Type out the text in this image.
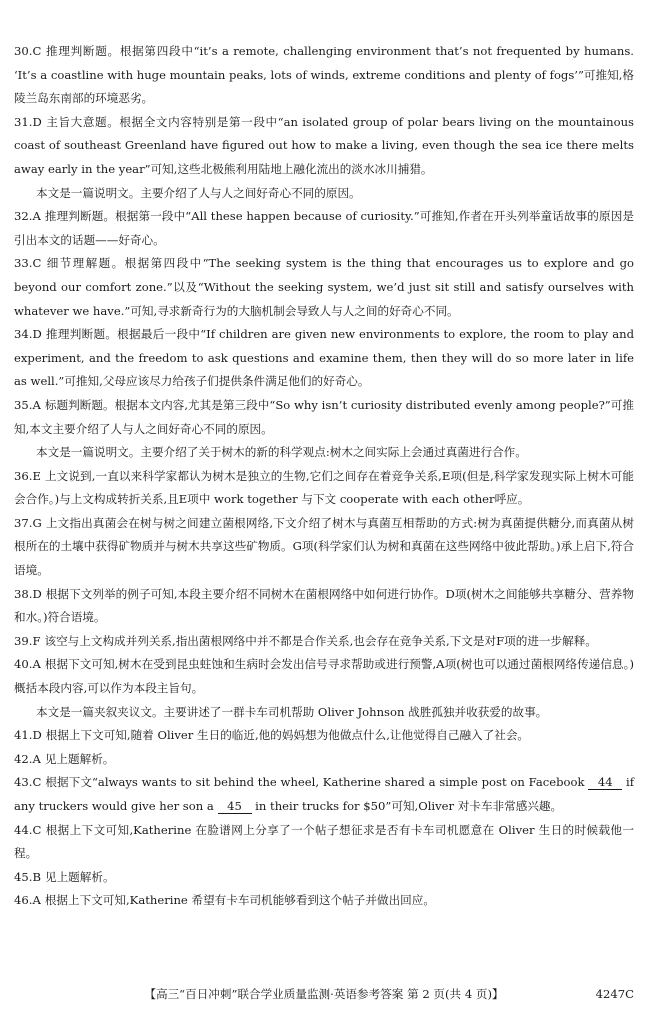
30.C 推理判断题。根据第四段中“it’s a remote, challenging environment that’s not frequented by humans. ‘It’s a coastline with huge mountain peaks, lots of winds, extreme conditions and plenty of fogs’”可推知,格陵兰岛东南部的环境恶劣。

31.D 主旨大意题。根据全文内容特别是第一段中“an isolated group of polar bears living on the mountainous coast of southeast Greenland have figured out how to make a living, even though the sea ice there melts away early in the year”可知,这些北极熊利用陆地上融化流出的淡水冰川捕猎。

本文是一篇说明文。主要介绍了人与人之间好奇心不同的原因。

32.A 推理判断题。根据第一段中“All these happen because of curiosity.”可推知,作者在开头列举童话故事的原因是引出本文的话题——好奇心。

33.C 细节理解题。根据第四段中“The seeking system is the thing that encourages us to explore and go beyond our comfort zone.”以及“Without the seeking system, we’d just sit still and satisfy ourselves with whatever we have.”可知,寻求新奇行为的大脑机制会导致人与人之间的好奇心不同。

34.D 推理判断题。根据最后一段中“If children are given new environments to explore, the room to play and experiment, and the freedom to ask questions and examine them, then they will do so more later in life as well.”可推知,父母应该尽力给孩子们提供条件满足他们的好奇心。

35.A 标题判断题。根据本文内容,尤其是第三段中“So why isn’t curiosity distributed evenly among people?”可推知,本文主要介绍了人与人之间好奇心不同的原因。

本文是一篇说明文。主要介绍了关于树木的新的科学观点:树木之间实际上会通过真菌进行合作。

36.E 上文说到,一直以来科学家都认为树木是独立的生物,它们之间存在着竞争关系,E项(但是,科学家发现实际上树木可能会合作。)与上文构成转折关系,且E项中 work together 与下文 cooperate with each other呼应。

37.G 上文指出真菌会在树与树之间建立菌根网络,下文介绍了树木与真菌互相帮助的方式:树为真菌提供糖分,而真菌从树根所在的土壤中获得矿物质并与树木共享这些矿物质。G项(科学家们认为树和真菌在这些网络中彼此帮助。)承上启下,符合语境。

38.D 根据下文列举的例子可知,本段主要介绍不同树木在菌根网络中如何进行协作。D项(树木之间能够共享糖分、营养物和水。)符合语境。

39.F 该空与上文构成并列关系,指出菌根网络中并不都是合作关系,也会存在竞争关系,下文是对F项的进一步解释。

40.A 根据下文可知,树木在受到昆虫蛀蚀和生病时会发出信号寻求帮助或进行预警,A项(树也可以通过菌根网络传递信息。)概括本段内容,可以作为本段主旨句。

本文是一篇夹叙夹议文。主要讲述了一群卡车司机帮助 Oliver Johnson 战胜孤独并收获爱的故事。

41.D 根据上下文可知,随着 Oliver 生日的临近,他的妈妈想为他做点什么,让他觉得自己融入了社会。

42.A 见上题解析。

43.C 根据下文“always wants to sit behind the wheel, Katherine shared a simple post on Facebook 44 if any truckers would give her son a 45 in their trucks for $50”可知,Oliver 对卡车非常感兴趣。

44.C 根据上下文可知,Katherine 在脸谱网上分享了一个帖子想征求是否有卡车司机愿意在 Oliver 生日的时候载他一程。

45.B 见上题解析。

46.A 根据上下文可知,Katherine 希望有卡车司机能够看到这个帖子并做出回应。

【高三“百日冲刺”联合学业质量监测·英语参考答案 第 2 页(共 4 页)】	4247C
